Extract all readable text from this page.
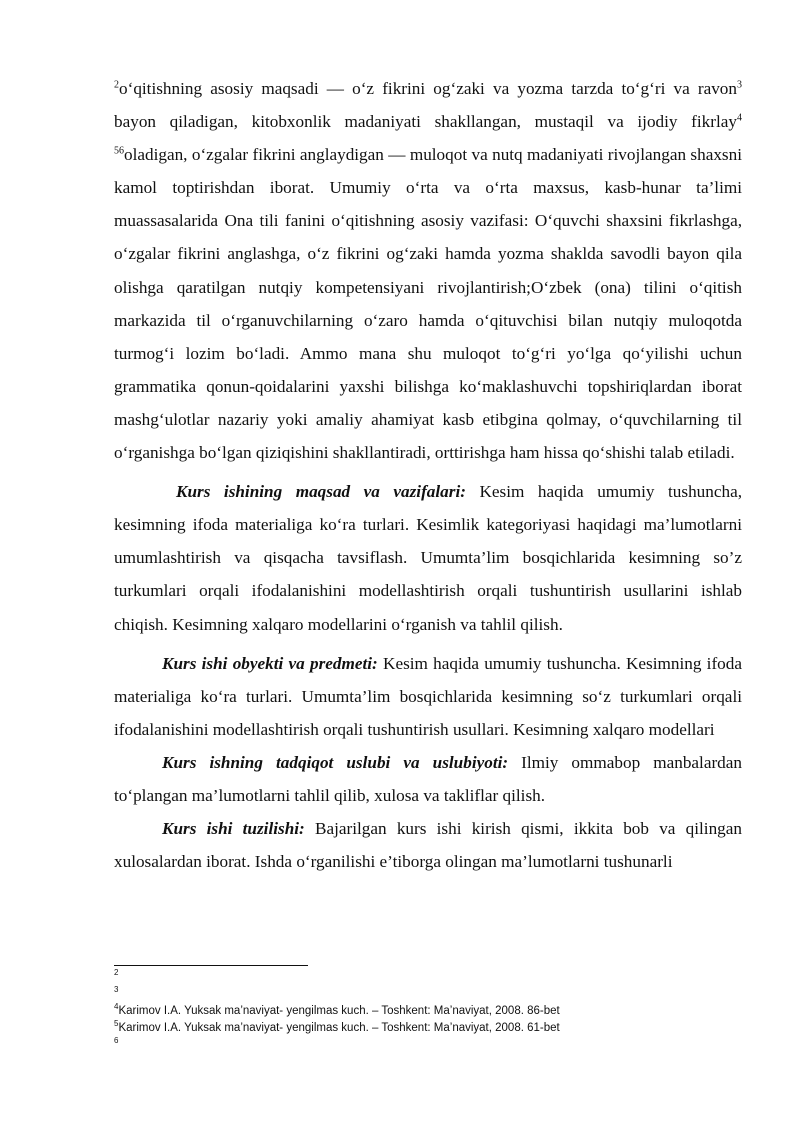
$^2$o‘qitishning asosiy maqsadi — o‘z fikrini og‘zaki va yozma tarzda to‘g‘ri va ravon$^3$ bayon qiladigan, kitobxonlik madaniyati shakllangan, mustaqil va ijodiy fikrlay$^4$ $^{56}$oladigan, o‘zgalar fikrini anglaydigan — muloqot va nutq madaniyati rivojlangan shaxsni kamol toptirishdan iborat. Umumiy o‘rta va o‘rta maxsus, kasb-hunar ta’limi muassasalarida Ona tili fanini o‘qitishning asosiy vazifasi: O‘quvchi shaxsini fikrlashga, o‘zgalar fikrini anglashga, o‘z fikrini og‘zaki hamda yozma shaklda savodli bayon qila olishga qaratilgan nutqiy kompetensiyani rivojlantirish;O‘zbek (ona) tilini o‘qitish markazida til o‘rganuvchilarning o‘zaro hamda o‘qituvchisi bilan nutqiy muloqotda turmog‘i lozim bo‘ladi. Ammo mana shu muloqot to‘g‘ri yo‘lga qo‘yilishi uchun grammatika qonun-qoidalarini yaxshi bilishga ko‘maklashuvchi topshiriqlardan iborat mashg‘ulotlar nazariy yoki amaliy ahamiyat kasb etibgina qolmay, o‘quvchilarning til o‘rganishga bo‘lgan qiziqishini shakllantiradi, orttirishga ham hissa qo‘shishi talab etiladi.

Kurs ishining maqsad va vazifalari: Kesim haqida umumiy tushuncha, kesimning ifoda materialiga ko‘ra turlari. Kesimlik kategoriyasi haqidagi ma’lumotlarni umumlashtirish va qisqacha tavsiflash. Umumta’lim bosqichlarida kesimning so’z turkumlari orqali ifodalanishini modellashtirish orqali tushuntirish usullarini ishlab chiqish. Kesimning xalqaro modellarini o‘rganish va tahlil qilish.

Kurs ishi obyekti va predmeti: Kesim haqida umumiy tushuncha. Kesimning ifoda materialiga ko‘ra turlari. Umumta’lim bosqichlarida kesimning so‘z turkumlari orqali ifodalanishini modellashtirish orqali tushuntirish usullari. Kesimning xalqaro modellari

Kurs ishning tadqiqot uslubi va uslubiyoti: Ilmiy ommabop manbalardan to‘plangan ma’lumotlarni tahlil qilib, xulosa va takliflar qilish.

Kurs ishi tuzilishi: Bajarilgan kurs ishi kirish qismi, ikkita bob va qilingan xulosalardan iborat. Ishda o‘rganilishi e’tiborga olingan ma’lumotlarni tushunarli

$^2$

$^3$

$^4$Karimov I.A. Yuksak ma’naviyat- yengilmas kuch. – Toshkent: Ma’naviyat, 2008. 86-bet

$^5$Karimov I.A. Yuksak ma’naviyat- yengilmas kuch. – Toshkent: Ma’naviyat, 2008. 61-bet

$^6$
